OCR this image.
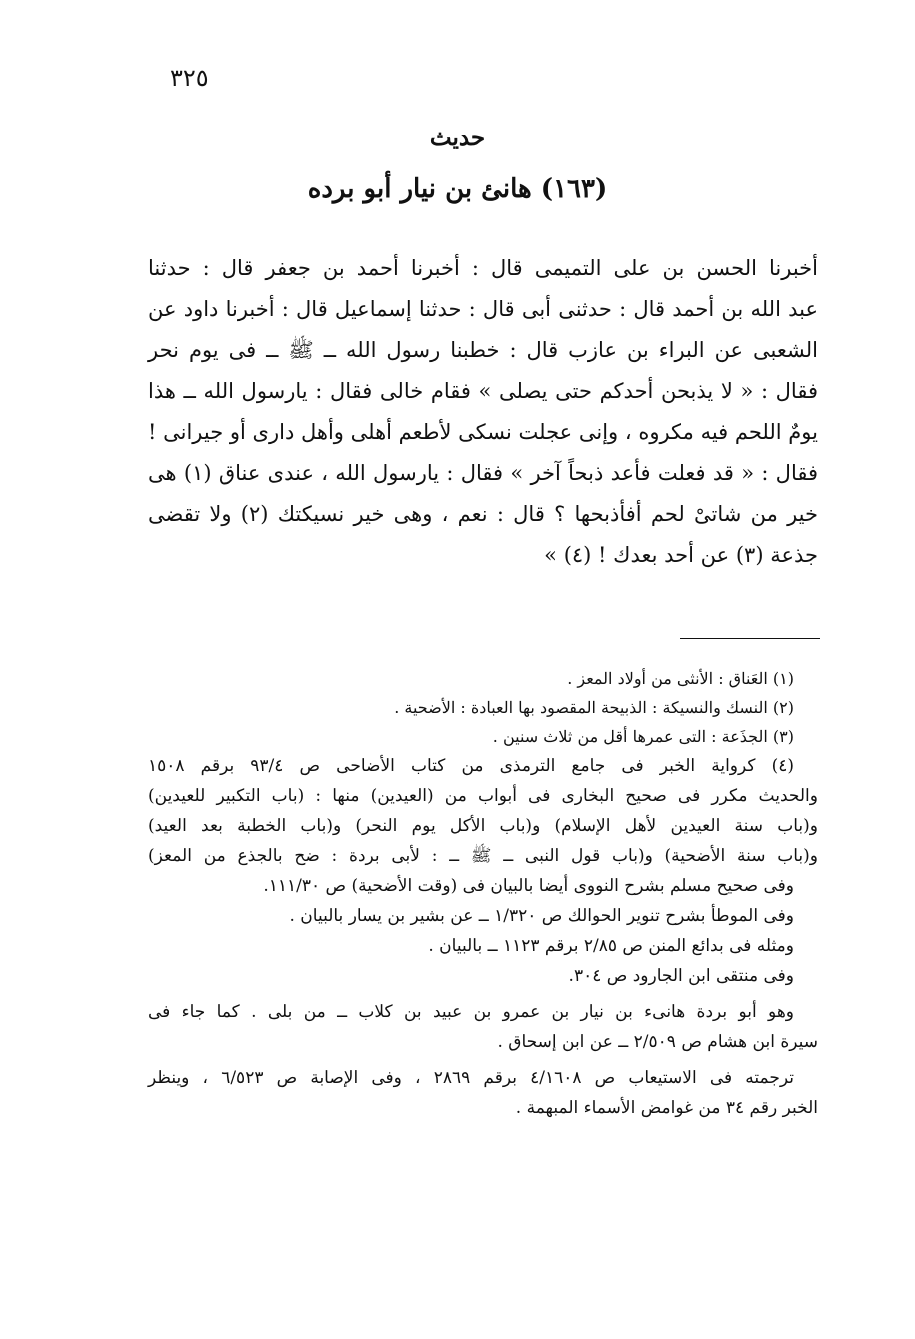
٣٢٥
حديث
(١٦٣) هانئ بن نيار أبو برده
أخبرنا الحسن بن على التميمى قال : أخبرنا أحمد بن جعفر قال : حدثنا
عبد الله بن أحمد قال : حدثنى أبى قال : حدثنا إسماعيل قال : أخبرنا داود عن
الشعبى عن البراء بن عازب قال : خطبنا رسول الله ــ ﷺ ــ فى يوم نحر
فقال : « لا يذبحن أحدكم حتى يصلى » فقام خالى فقال : يارسول الله ــ هذا
يومٌ اللحم فيه مكروه ، وإنى عجلت نسكى لأطعم أهلى وأهل دارى أو جيرانى !
فقال : « قد فعلت فأعد ذبحاً آخر » فقال : يارسول الله ، عندى عناق (١) هى
خير من شاتىْ لحم أفأذبحها ؟ قال : نعم ، وهى خير نسيكتك (٢) ولا تقضى
جذعة (٣) عن أحد بعدك ! (٤) »
(١) العَناق : الأنثى من أولاد المعز .
(٢) النسك والنسيكة : الذبيحة المقصود بها العبادة : الأضحية .
(٣) الجذَعة : التى عمرها أقل من ثلاث سنين .
(٤) كرواية الخبر فى جامع الترمذى من كتاب الأضاحى ص ٩٣/٤ برقم ١٥٠٨
والحديث مكرر فى صحيح البخارى فى أبواب من (العيدين) منها : (باب التكبير للعيدين)
و(باب سنة العيدين لأهل الإسلام) و(باب الأكل يوم النحر) و(باب الخطبة بعد العيد)
و(باب سنة الأضحية) و(باب قول النبى ــ ﷺ ــ : لأبى بردة : ضح بالجذع من المعز)
وفى صحيح مسلم بشرح النووى أيضا بالبيان فى (وقت الأضحية) ص ١١١/٣٠.
وفى الموطأ بشرح تنوير الحوالك ص ١/٣٢٠ ــ عن بشير بن يسار بالبيان .
ومثله فى بدائع المنن ص ٢/٨٥ برقم ١١٢٣ ــ بالبيان .
وفى منتقى ابن الجارود ص ٣٠٤.
وهو أبو بردة هانىء بن نيار بن عمرو بن عبيد بن كلاب ــ من بلى . كما جاء فى
سيرة ابن هشام ص ٢/٥٠٩ ــ عن ابن إسحاق .
ترجمته فى الاستيعاب ص ٤/١٦٠٨ برقم ٢٨٦٩ ، وفى الإصابة ص ٦/٥٢٣ ، وينظر
الخبر رقم ٣٤ من غوامض الأسماء المبهمة .
